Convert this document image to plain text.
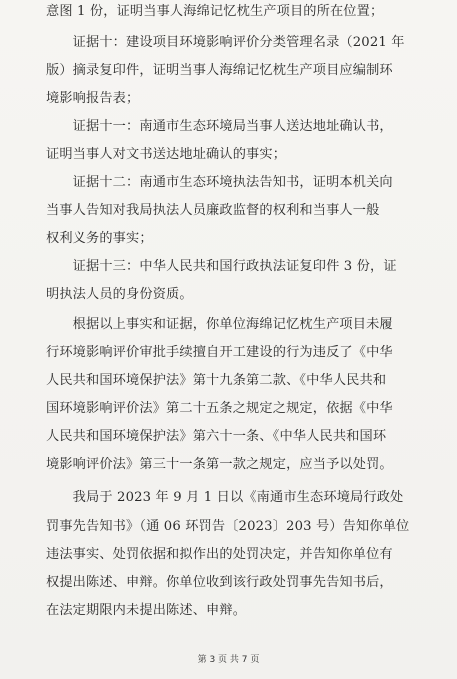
意图 1 份，证明当事人海绵记忆枕生产项目的所在位置；
　　证据十：建设项目环境影响评价分类管理名录（2021 年
版）摘录复印件，证明当事人海绵记忆枕生产项目应编制环
境影响报告表；
　　证据十一：南通市生态环境局当事人送达地址确认书，
证明当事人对文书送达地址确认的事实；
　　证据十二：南通市生态环境执法告知书，证明本机关向
当事人告知对我局执法人员廉政监督的权利和当事人一般
权利义务的事实；
　　证据十三：中华人民共和国行政执法证复印件 3 份，证
明执法人员的身份资质。
　　根据以上事实和证据，你单位海绵记忆枕生产项目未履
行环境影响评价审批手续擅自开工建设的行为违反了《中华
人民共和国环境保护法》第十九条第二款、《中华人民共和
国环境影响评价法》第二十五条之规定之规定，依据《中华
人民共和国环境保护法》第六十一条、《中华人民共和国环
境影响评价法》第三十一条第一款之规定，应当予以处罚。
　　我局于 2023 年 9 月 1 日以《南通市生态环境局行政处
罚事先告知书》（通 06 环罚告〔2023〕203 号）告知你单位
违法事实、处罚依据和拟作出的处罚决定，并告知你单位有
权提出陈述、申辩。你单位收到该行政处罚事先告知书后，
在法定期限内未提出陈述、申辩。
第 3 页 共 7 页
